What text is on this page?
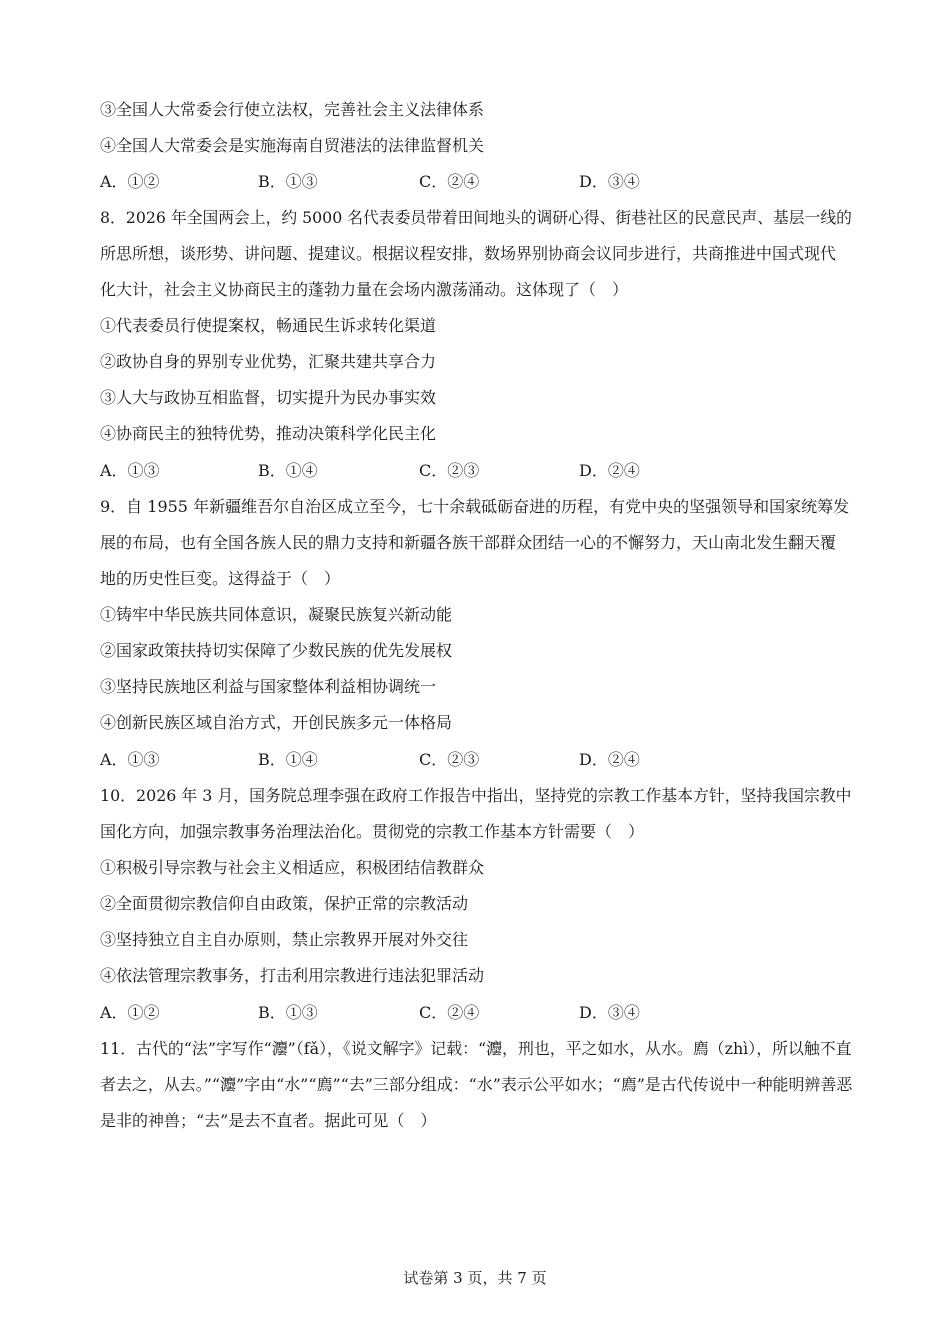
③全国人大常委会行使立法权，完善社会主义法律体系
④全国人大常委会是实施海南自贸港法的法律监督机关
A．①②	B．①③	C．②④	D．③④
8．2026 年全国两会上，约 5000 名代表委员带着田间地头的调研心得、街巷社区的民意民声、基层一线的
所思所想，谈形势、讲问题、提建议。根据议程安排，数场界别协商会议同步进行，共商推进中国式现代
化大计，社会主义协商民主的蓬勃力量在会场内激荡涌动。这体现了（　）
①代表委员行使提案权，畅通民生诉求转化渠道
②政协自身的界别专业优势，汇聚共建共享合力
③人大与政协互相监督，切实提升为民办事实效
④协商民主的独特优势，推动决策科学化民主化
A．①③	B．①④	C．②③	D．②④
9．自 1955 年新疆维吾尔自治区成立至今，七十余载砥砺奋进的历程，有党中央的坚强领导和国家统筹发
展的布局，也有全国各族人民的鼎力支持和新疆各族干部群众团结一心的不懈努力，天山南北发生翻天覆
地的历史性巨变。这得益于（　）
①铸牢中华民族共同体意识，凝聚民族复兴新动能
②国家政策扶持切实保障了少数民族的优先发展权
③坚持民族地区利益与国家整体利益相协调统一
④创新民族区域自治方式，开创民族多元一体格局
A．①③	B．①④	C．②③	D．②④
10．2026 年 3 月，国务院总理李强在政府工作报告中指出，坚持党的宗教工作基本方针，坚持我国宗教中
国化方向，加强宗教事务治理法治化。贯彻党的宗教工作基本方针需要（　）
①积极引导宗教与社会主义相适应，积极团结信教群众
②全面贯彻宗教信仰自由政策，保护正常的宗教活动
③坚持独立自主自办原则，禁止宗教界开展对外交往
④依法管理宗教事务，打击利用宗教进行违法犯罪活动
A．①②	B．①③	C．②④	D．③④
11．古代的“法”字写作“灋”（fǎ），《说文解字》记载：“灋，刑也，平之如水，从水。廌（zhì），所以触不直
者去之，从去。”“灋”字由“水”“廌”“去”三部分组成：“水”表示公平如水；“廌”是古代传说中一种能明辨善恶
是非的神兽；“去”是去不直者。据此可见（　）
试卷第 3 页，共 7 页
